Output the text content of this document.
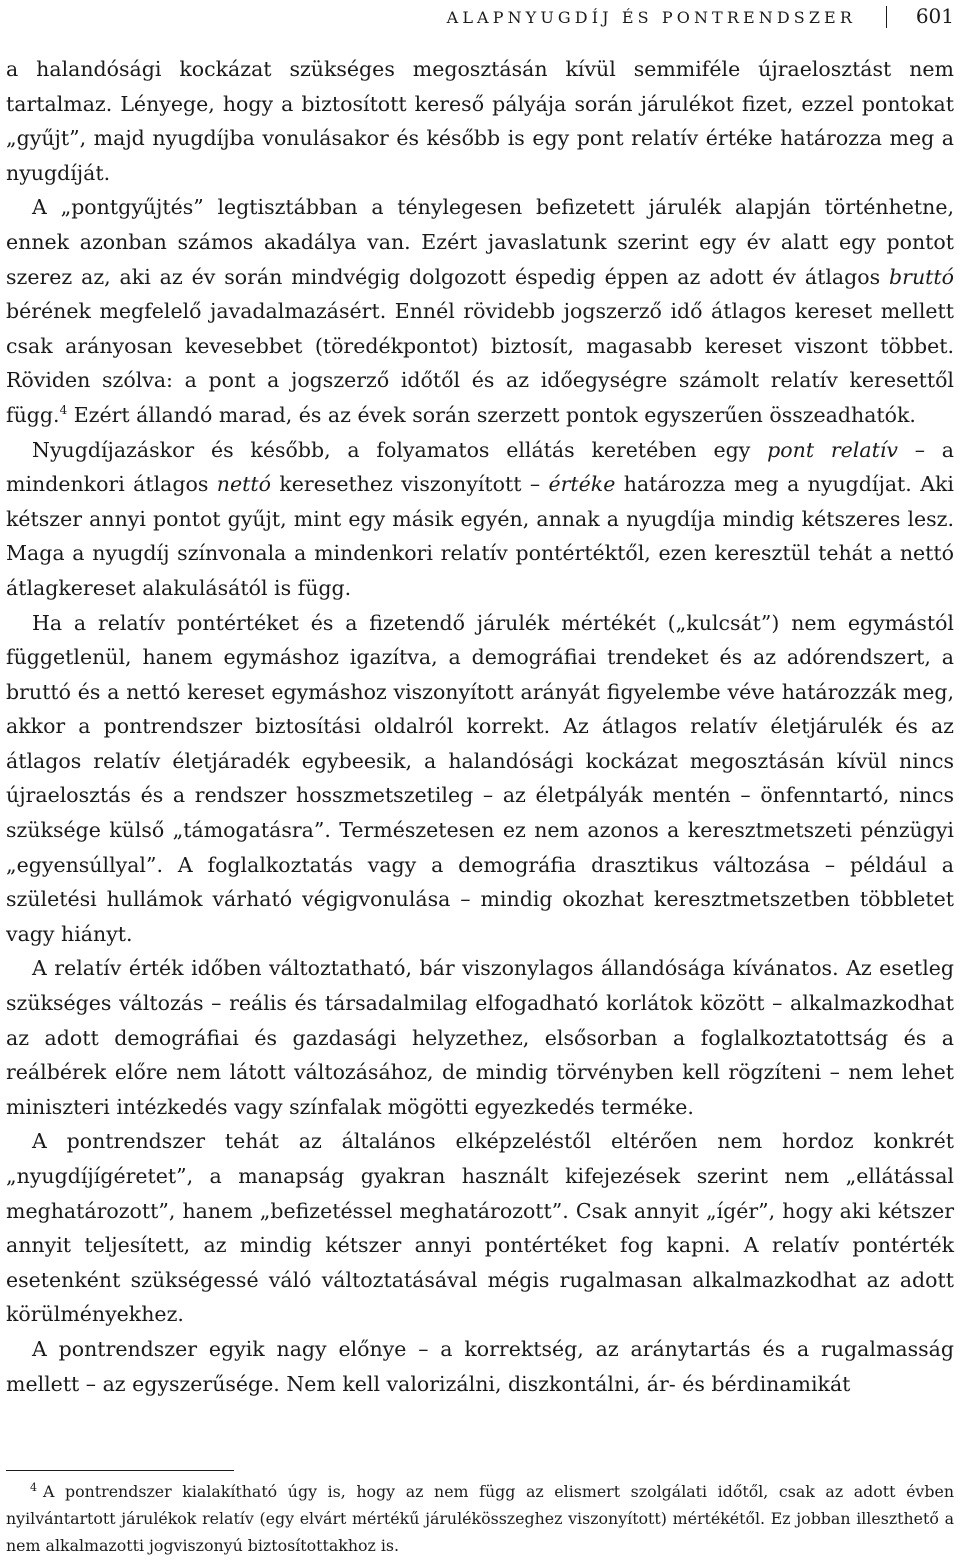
ALAPNYUGDÍJ ÉS PONTRENDSZER	601

a halandósági kockázat szükséges megosztásán kívül semmiféle újraelosztást nem tartalmaz. Lényege, hogy a biztosított kereső pályája során járulékot fizet, ezzel pontokat „gyűjt”, majd nyugdíjba vonulásakor és később is egy pont relatív értéke határozza meg a nyugdíját.

A „pontgyűjtés” legtisztábban a ténylegesen befizetett járulék alapján történhetne, ennek azonban számos akadálya van. Ezért javaslatunk szerint egy év alatt egy pontot szerez az, aki az év során mindvégig dolgozott éspedig éppen az adott év átlagos bruttó bérének megfelelő javadalmazásért. Ennél rövidebb jogszerző idő átlagos kereset mellett csak arányosan kevesebbet (töredékpontot) biztosít, magasabb kereset viszont többet. Röviden szólva: a pont a jogszerző időtől és az időegységre számolt relatív keresettől függ.$^4$ Ezért állandó marad, és az évek során szerzett pontok egyszerűen összeadhatók.

Nyugdíjazáskor és később, a folyamatos ellátás keretében egy pont relatív – a mindenkori átlagos nettó keresethez viszonyított – értéke határozza meg a nyugdíjat. Aki kétszer annyi pontot gyűjt, mint egy másik egyén, annak a nyugdíja mindig kétszeres lesz. Maga a nyugdíj színvonala a mindenkori relatív pontértéktől, ezen keresztül tehát a nettó átlagkereset alakulásától is függ.

Ha a relatív pontértéket és a fizetendő járulék mértékét („kulcsát”) nem egymástól függetlenül, hanem egymáshoz igazítva, a demográfiai trendeket és az adórendszert, a bruttó és a nettó kereset egymáshoz viszonyított arányát figyelembe véve határozzák meg, akkor a pontrendszer biztosítási oldalról korrekt. Az átlagos relatív életjárulék és az átlagos relatív életjáradék egybeesik, a halandósági kockázat megosztásán kívül nincs újraelosztás és a rendszer hosszmetszetileg – az életpályák mentén – önfenntartó, nincs szüksége külső „támogatásra”. Természetesen ez nem azonos a keresztmetszeti pénzügyi „egyensúllyal”. A foglalkoztatás vagy a demográfia drasztikus változása – például a születési hullámok várható végigvonulása – mindig okozhat keresztmetszetben többletet vagy hiányt.

A relatív érték időben változtatható, bár viszonylagos állandósága kívánatos. Az esetleg szükséges változás – reális és társadalmilag elfogadható korlátok között – alkalmazkodhat az adott demográfiai és gazdasági helyzethez, elsősorban a foglalkoztatottság és a reálbérek előre nem látott változásához, de mindig törvényben kell rögzíteni – nem lehet miniszteri intézkedés vagy színfalak mögötti egyezkedés terméke.

A pontrendszer tehát az általános elképzeléstől eltérően nem hordoz konkrét „nyugdíjígéretet”, a manapság gyakran használt kifejezések szerint nem „ellátással meghatározott”, hanem „befizetéssel meghatározott”. Csak annyit „ígér”, hogy aki kétszer annyit teljesített, az mindig kétszer annyi pontértéket fog kapni. A relatív pontérték esetenként szükségessé váló változtatásával mégis rugalmasan alkalmazkodhat az adott körülményekhez.

A pontrendszer egyik nagy előnye – a korrektség, az aránytartás és a rugalmasság mellett – az egyszerűsége. Nem kell valorizálni, diszkontálni, ár- és bérdinamikát

$^4$ A pontrendszer kialakítható úgy is, hogy az nem függ az elismert szolgálati időtől, csak az adott évben nyilvántartott járulékok relatív (egy elvárt mértékű járulékösszeghez viszonyított) mértékétől. Ez jobban illeszthető a nem alkalmazotti jogviszonyú biztosítottakhoz is.
